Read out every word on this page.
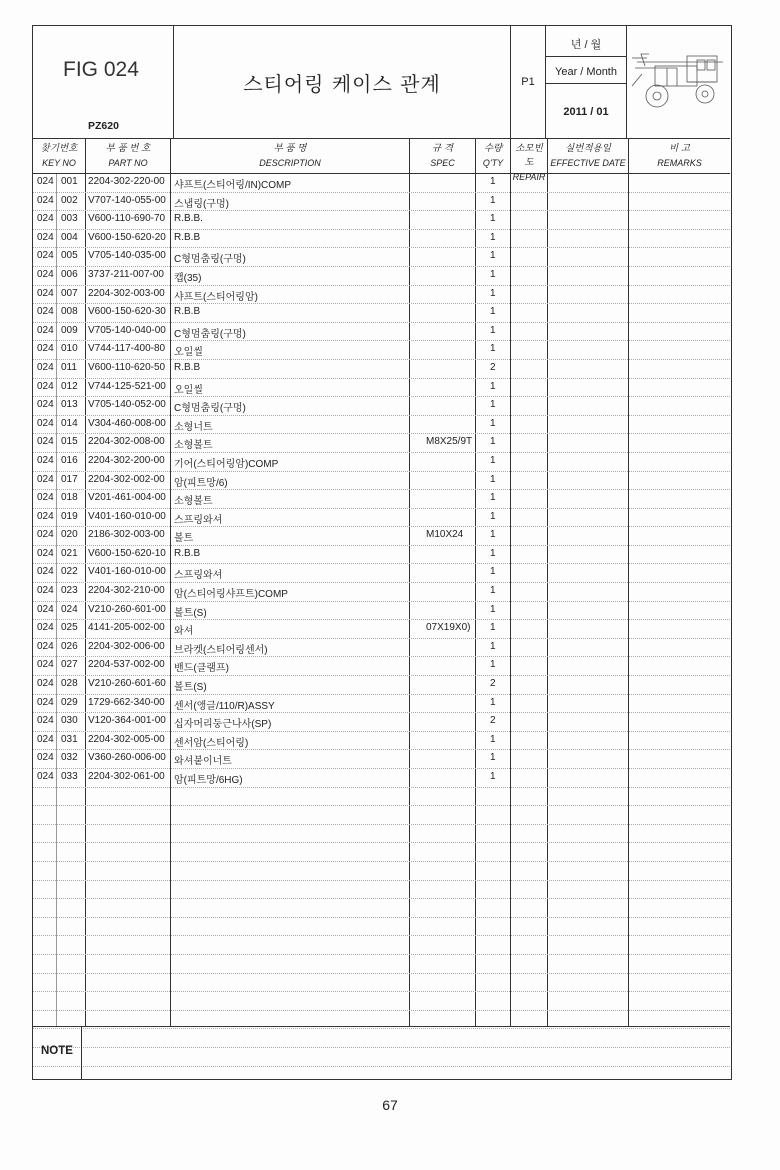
FIG 024
PZ620
스티어링 케이스 관계	P1
년 / 월
Year / Month
2011 / 01
찾기번호
KEY NO
부 품 번 호
PART NO
부 품 명
DESCRIPTION
규 격
SPEC
수량
Q'TY
소모빈도
REPAIR
실번적용일
EFFECTIVE DATE
비 고
REMARKS
024 001 2204-302-220-00 샤프트(스티어링/IN)COMP	1
024 002 V707-140-055-00 스냅링(구멍)	1
024 003 V600-110-690-70 R.B.B.	1
024 004 V600-150-620-20 R.B.B	1
024 005 V705-140-035-00 C형멈춤링(구멍)	1
024 006 3737-211-007-00 캡(35)	1
024 007 2204-302-003-00 샤프트(스티어링암)	1
024 008 V600-150-620-30 R.B.B	1
024 009 V705-140-040-00 C형멈춤링(구멍)	1
024 010 V744-117-400-80 오일씰	1
024 011 V600-110-620-50 R.B.B	2
024 012 V744-125-521-00 오일씰	1
024 013 V705-140-052-00 C형멈춤링(구멍)	1
024 014 V304-460-008-00 소형너트	1
024 015 2204-302-008-00 소형볼트	M8X25/9T 1
024 016 2204-302-200-00 기어(스티어링암)COMP	1
024 017 2204-302-002-00 암(피트망/6)	1
024 018 V201-461-004-00 소형볼트	1
024 019 V401-160-010-00 스프링와셔	1
024 020 2186-302-003-00 볼트	M10X24	1
024 021 V600-150-620-10 R.B.B	1
024 022 V401-160-010-00 스프링와셔	1
024 023 2204-302-210-00 암(스티어링샤프트)COMP	1
024 024 V210-260-601-00 볼트(S)	1
024 025 4141-205-002-00 와셔	07X19X0) 1
024 026 2204-302-006-00 브라켓(스티어링센서)	1
024 027 2204-537-002-00 밴드(클램프)	1
024 028 V210-260-601-60 볼트(S)	2
024 029 1729-662-340-00 센서(앵글/110/R)ASSY	1
024 030 V120-364-001-00 십자머리둥근나사(SP)	2
024 031 2204-302-005-00 센서암(스티어링)	1
024 032 V360-260-006-00 와셔붙이너트	1
024 033 2204-302-061-00 암(피트망/6HG)	1
NOTE
67
